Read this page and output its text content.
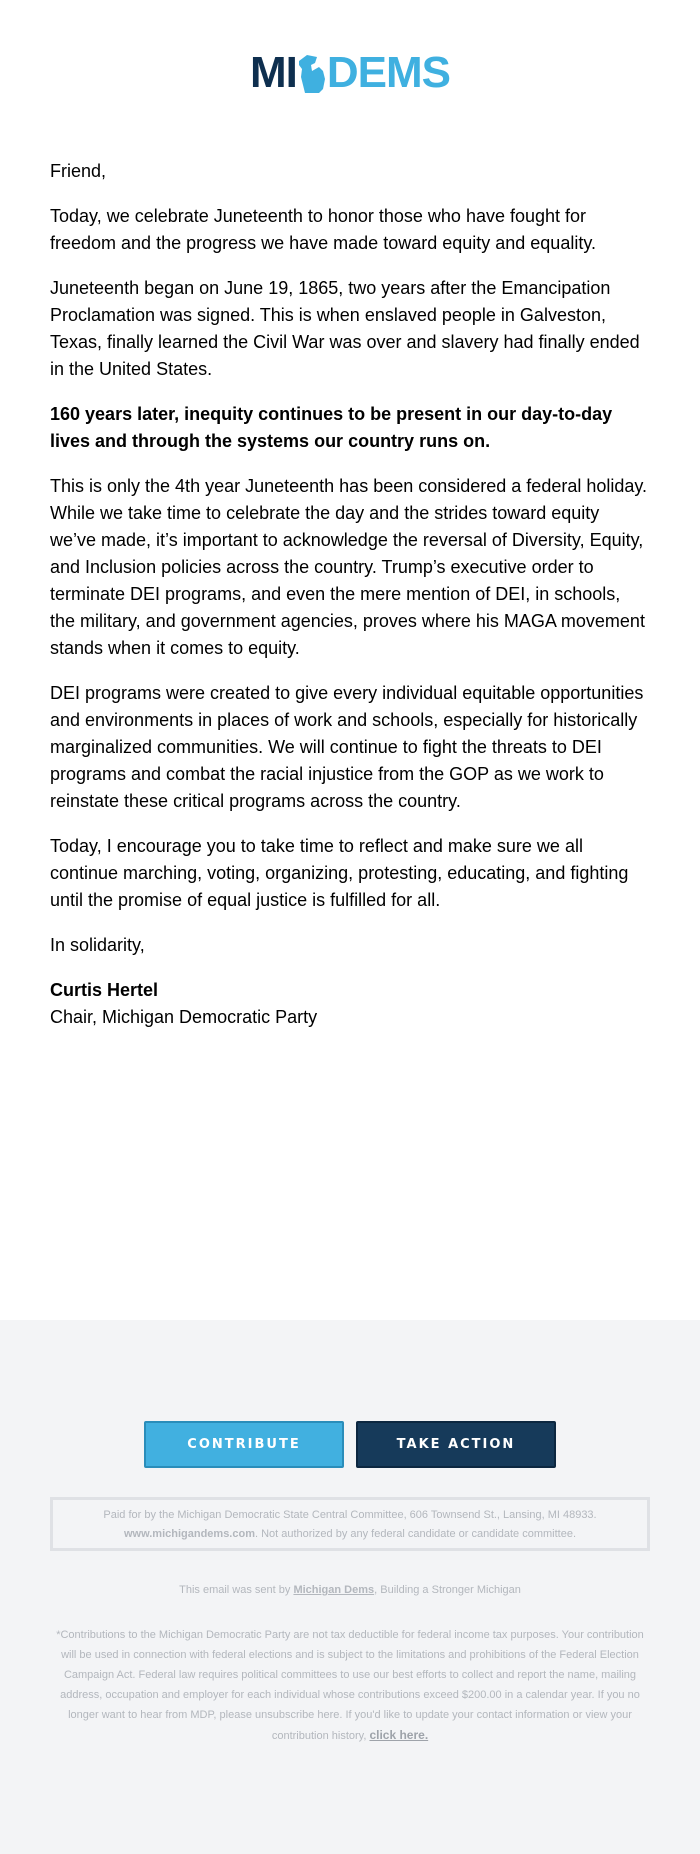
MI DEMS

Friend,

Today, we celebrate Juneteenth to honor those who have fought for freedom and the progress we have made toward equity and equality.

Juneteenth began on June 19, 1865, two years after the Emancipation Proclamation was signed. This is when enslaved people in Galveston, Texas, finally learned the Civil War was over and slavery had finally ended in the United States.

160 years later, inequity continues to be present in our day-to-day lives and through the systems our country runs on.

This is only the 4th year Juneteenth has been considered a federal holiday. While we take time to celebrate the day and the strides toward equity we’ve made, it’s important to acknowledge the reversal of Diversity, Equity, and Inclusion policies across the country. Trump’s executive order to terminate DEI programs, and even the mere mention of DEI, in schools, the military, and government agencies, proves where his MAGA movement stands when it comes to equity.

DEI programs were created to give every individual equitable opportunities and environments in places of work and schools, especially for historically marginalized communities. We will continue to fight the threats to DEI programs and combat the racial injustice from the GOP as we work to reinstate these critical programs across the country.

Today, I encourage you to take time to reflect and make sure we all continue marching, voting, organizing, protesting, educating, and fighting until the promise of equal justice is fulfilled for all.

In solidarity,

Curtis Hertel
Chair, Michigan Democratic Party

CONTRIBUTE	TAKE ACTION
Paid for by the Michigan Democratic State Central Committee, 606 Townsend St., Lansing, MI 48933.
www.michigandems.com. Not authorized by any federal candidate or candidate committee.
This email was sent by Michigan Dems, Building a Stronger Michigan
*Contributions to the Michigan Democratic Party are not tax deductible for federal income tax purposes. Your contribution will be used in connection with federal elections and is subject to the limitations and prohibitions of the Federal Election Campaign Act. Federal law requires political committees to use our best efforts to collect and report the name, mailing address, occupation and employer for each individual whose contributions exceed $200.00 in a calendar year. If you no longer want to hear from MDP, please unsubscribe here. If you'd like to update your contact information or view your contribution history, click here.
